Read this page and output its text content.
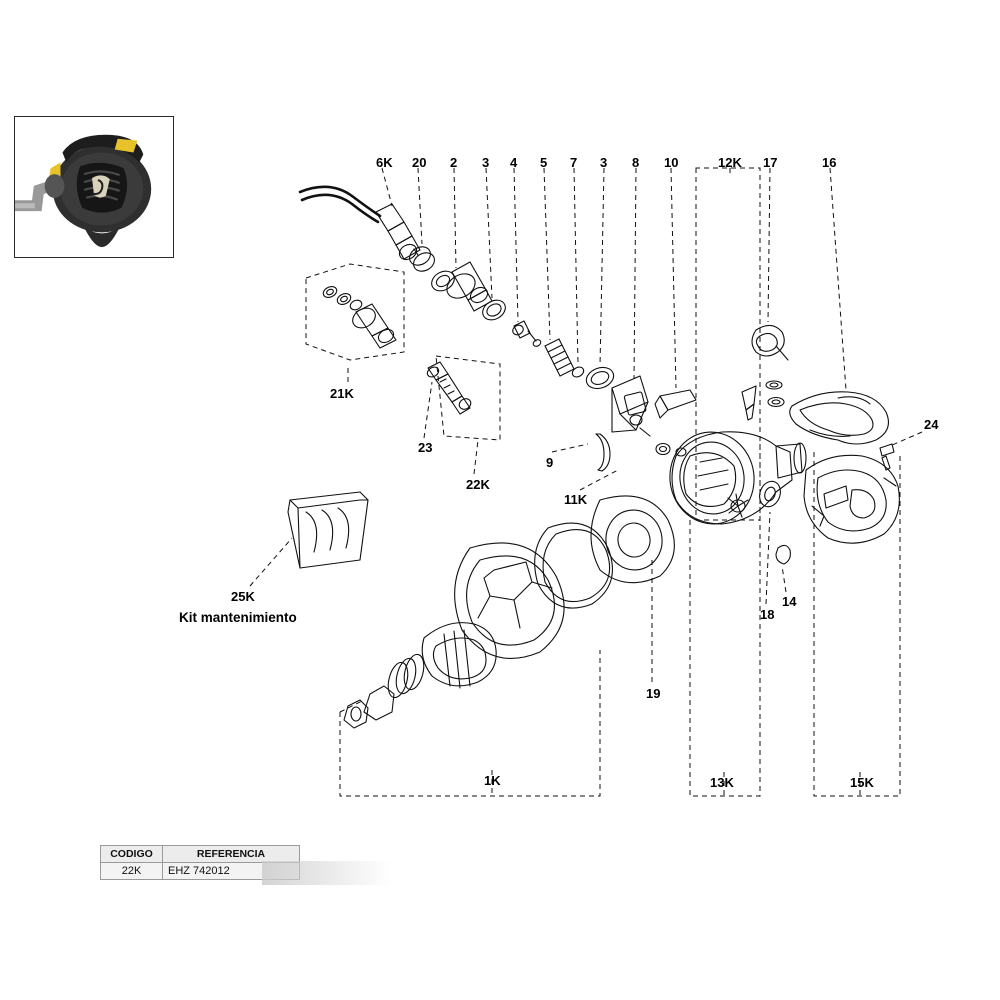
6K 20 2 3 4 5 7 3 8 10	12K 17	16
24
21K
23
22K
9
11K
18
14
19
1K	13K	15K
25K
Kit mantenimiento
CODIGO	REFERENCIA
22K	EHZ 742012
